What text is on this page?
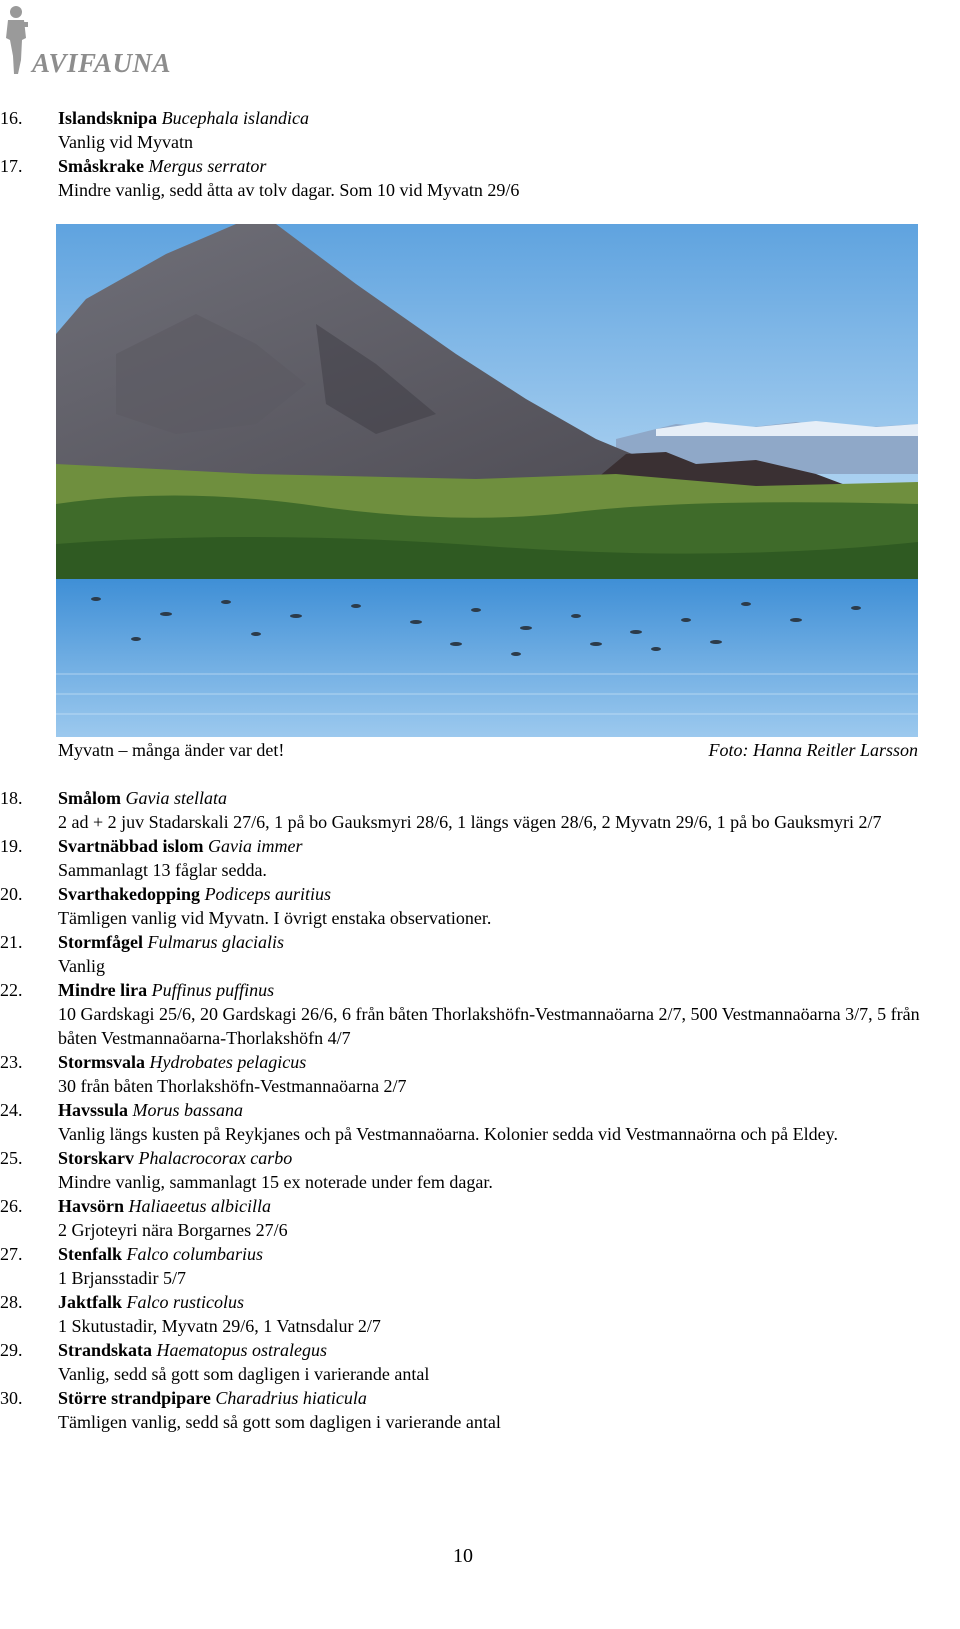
AVIFAUNA
16. Islandsknipa Bucephala islandica
Vanlig vid Myvatn
17. Småskrake Mergus serrator
Mindre vanlig, sedd åtta av tolv dagar. Som 10 vid Myvatn 29/6
Myvatn – många änder var det!	Foto: Hanna Reitler Larsson
18. Smålom Gavia stellata
2 ad + 2 juv Stadarskali 27/6, 1 på bo Gauksmyri 28/6, 1 längs vägen 28/6, 2 Myvatn 29/6, 1 på bo Gauksmyri 2/7
19. Svartnäbbad islom Gavia immer
Sammanlagt 13 fåglar sedda.
20. Svarthakedopping Podiceps auritius
Tämligen vanlig vid Myvatn. I övrigt enstaka observationer.
21. Stormfågel Fulmarus glacialis
Vanlig
22. Mindre lira Puffinus puffinus
10 Gardskagi 25/6, 20 Gardskagi 26/6, 6 från båten Thorlakshöfn-Vestmannaöarna 2/7, 500 Vestmannaöarna 3/7, 5 från båten Vestmannaöarna-Thorlakshöfn 4/7
23. Stormsvala Hydrobates pelagicus
30 från båten Thorlakshöfn-Vestmannaöarna 2/7
24. Havssula Morus bassana
Vanlig längs kusten på Reykjanes och på Vestmannaöarna. Kolonier sedda vid Vestmannaörna och på Eldey.
25. Storskarv Phalacrocorax carbo
Mindre vanlig, sammanlagt 15 ex noterade under fem dagar.
26. Havsörn Haliaeetus albicilla
2 Grjoteyri nära Borgarnes 27/6
27. Stenfalk Falco columbarius
1 Brjansstadir 5/7
28. Jaktfalk Falco rusticolus
1 Skutustadir, Myvatn 29/6, 1 Vatnsdalur 2/7
29. Strandskata Haematopus ostralegus
Vanlig, sedd så gott som dagligen i varierande antal
30. Större strandpipare Charadrius hiaticula
Tämligen vanlig, sedd så gott som dagligen i varierande antal
10
